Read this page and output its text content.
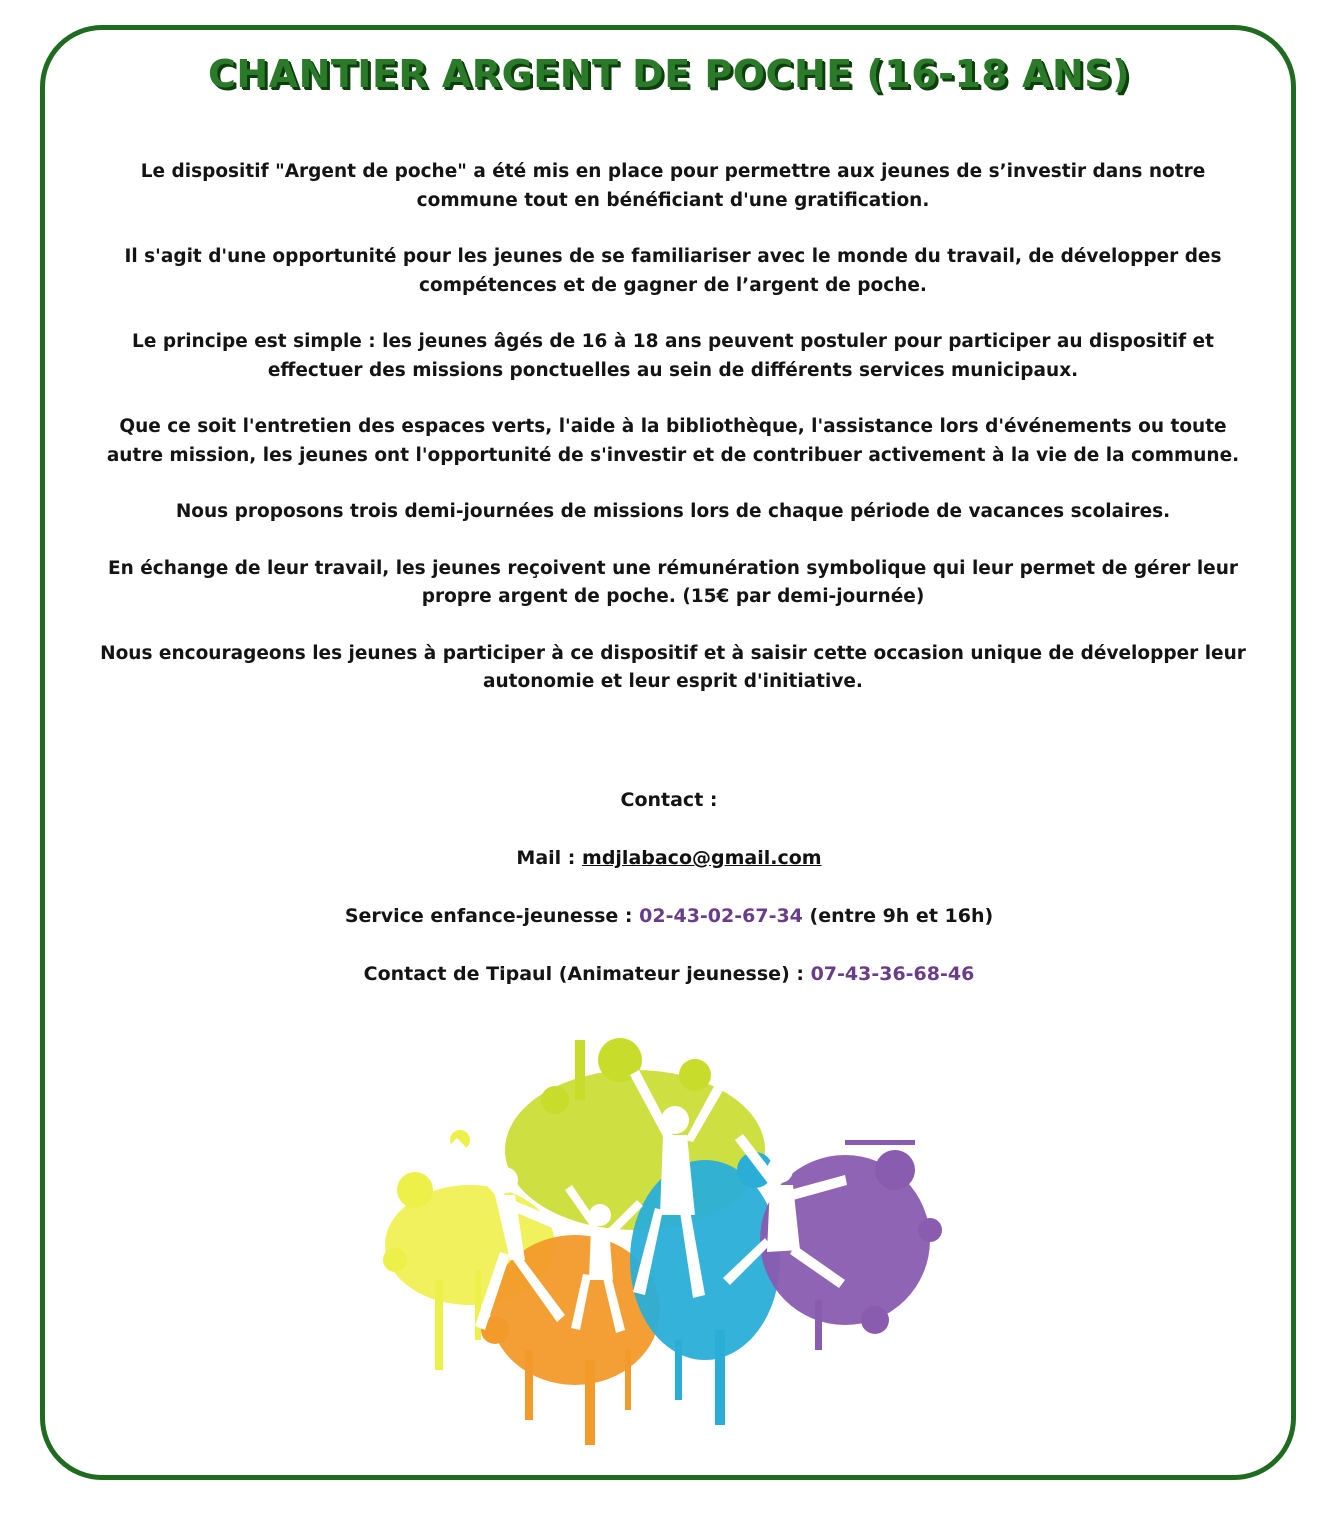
CHANTIER ARGENT DE POCHE (16-18 ANS)

Le dispositif "Argent de poche" a été mis en place pour permettre aux jeunes de s’investir dans notre commune tout en bénéficiant d'une gratification.

Il s'agit d'une opportunité pour les jeunes de se familiariser avec le monde du travail, de développer des compétences et de gagner de l’argent de poche.

Le principe est simple : les jeunes âgés de 16 à 18 ans peuvent postuler pour participer au dispositif et effectuer des missions ponctuelles au sein de différents services municipaux.

Que ce soit l'entretien des espaces verts, l'aide à la bibliothèque, l'assistance lors d'événements ou toute autre mission, les jeunes ont l'opportunité de s'investir et de contribuer activement à la vie de la commune.

Nous proposons trois demi-journées de missions lors de chaque période de vacances scolaires.

En échange de leur travail, les jeunes reçoivent une rémunération symbolique qui leur permet de gérer leur propre argent de poche. (15€ par demi-journée)

Nous encourageons les jeunes à participer à ce dispositif et à saisir cette occasion unique de développer leur autonomie et leur esprit d'initiative.

Contact :

Mail : mdjlabaco@gmail.com

Service enfance-jeunesse : 02-43-02-67-34 (entre 9h et 16h)

Contact de Tipaul (Animateur jeunesse) : 07-43-36-68-46
